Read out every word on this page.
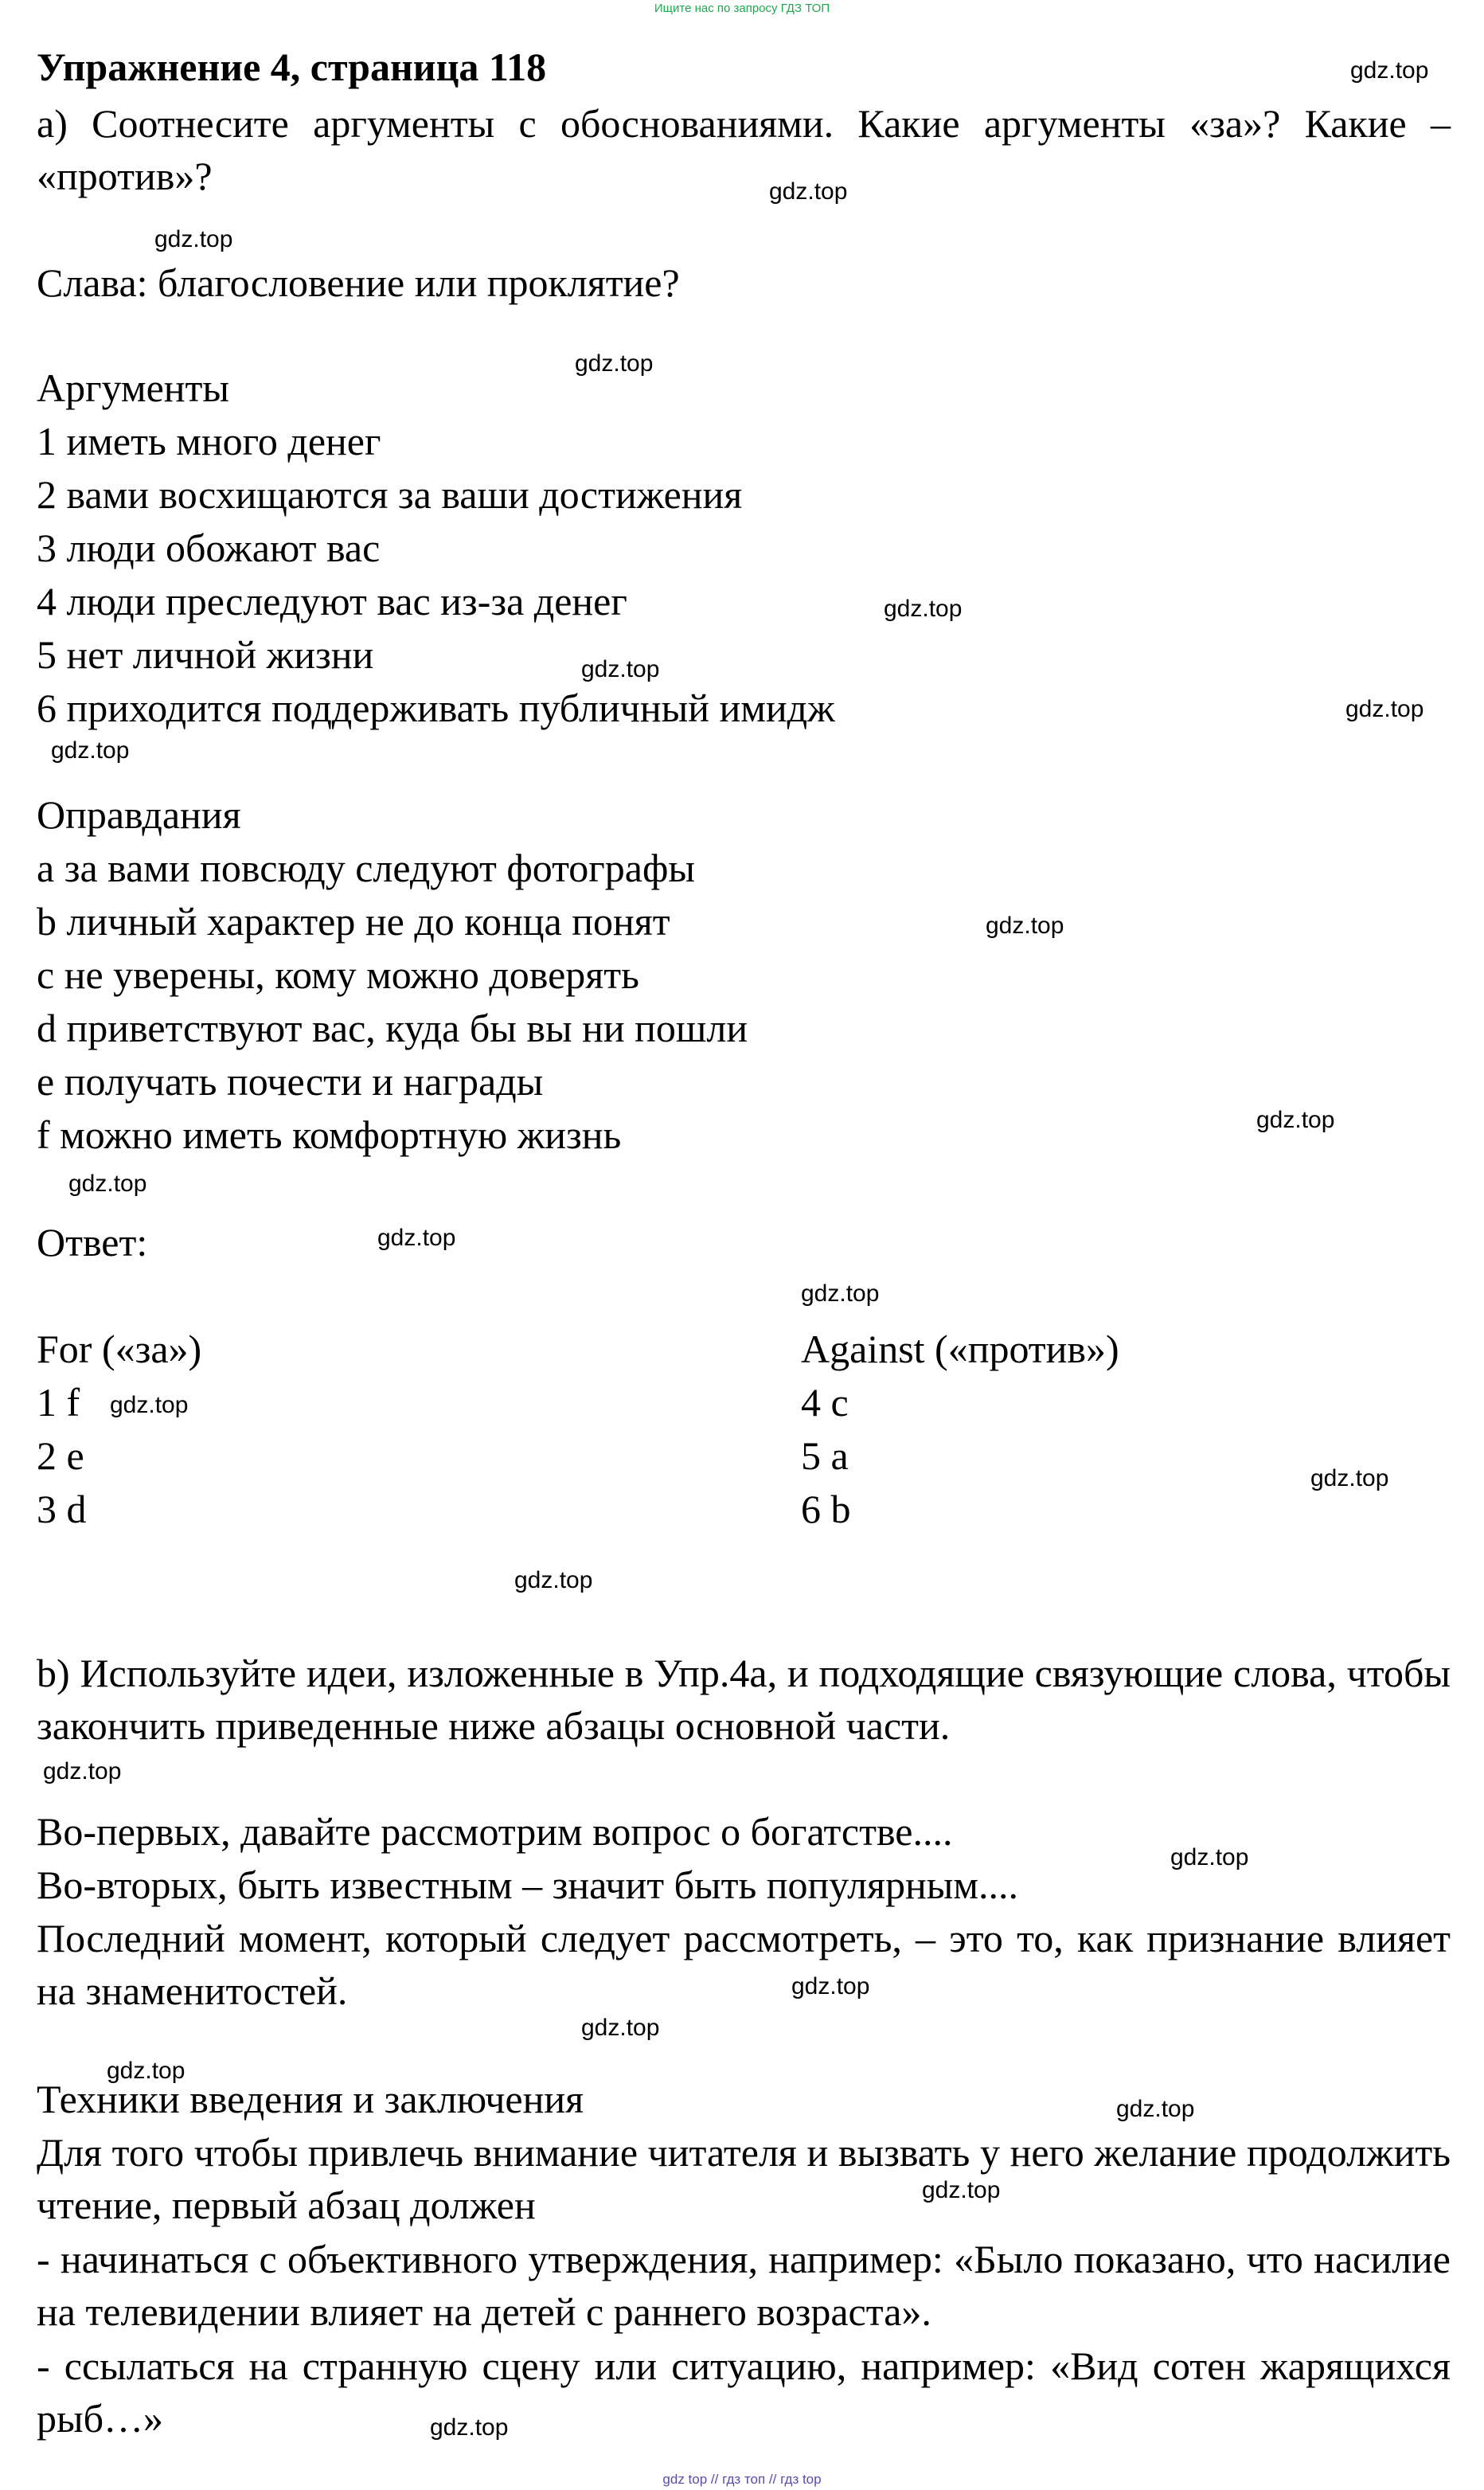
Ищите нас по запросу ГДЗ ТОП
Упражнение 4, страница 118
а) Соотнесите аргументы с обоснованиями. Какие аргументы «за»? Какие – «против»?
Слава: благословение или проклятие?
Аргументы
1 иметь много денег
2 вами восхищаются за ваши достижения
3 люди обожают вас
4 люди преследуют вас из-за денег
5 нет личной жизни
6 приходится поддерживать публичный имидж
Оправдания
a за вами повсюду следуют фотографы
b личный характер не до конца понят
c не уверены, кому можно доверять
d приветствуют вас, куда бы вы ни пошли
e получать почести и награды
f можно иметь комфортную жизнь
Ответ:
For («за»)	Against («против»)
1 f
2 e
3 d
4 c
5 a
6 b
b) Используйте идеи, изложенные в Упр.4а, и подходящие связующие слова, чтобы закончить приведенные ниже абзацы основной части.
Во-первых, давайте рассмотрим вопрос о богатстве....
Во-вторых, быть известным – значит быть популярным....
Последний момент, который следует рассмотреть, – это то, как признание влияет на знаменитостей.
Техники введения и заключения
Для того чтобы привлечь внимание читателя и вызвать у него желание продолжить чтение, первый абзац должен
- начинаться с объективного утверждения, например: «Было показано, что насилие на телевидении влияет на детей с раннего возраста».
- ссылаться на странную сцену или ситуацию, например: «Вид сотен жарящихся рыб…»
gdz.top
gdz.top
gdz.top
gdz.top
gdz.top
gdz.top
gdz.top
gdz.top
gdz.top
gdz.top
gdz.top
gdz.top
gdz.top
gdz.top
gdz.top
gdz.top
gdz.top
gdz.top
gdz.top
gdz.top
gdz.top
gdz.top
gdz.top
gdz.top
gdz top // гдз топ // гдз top
